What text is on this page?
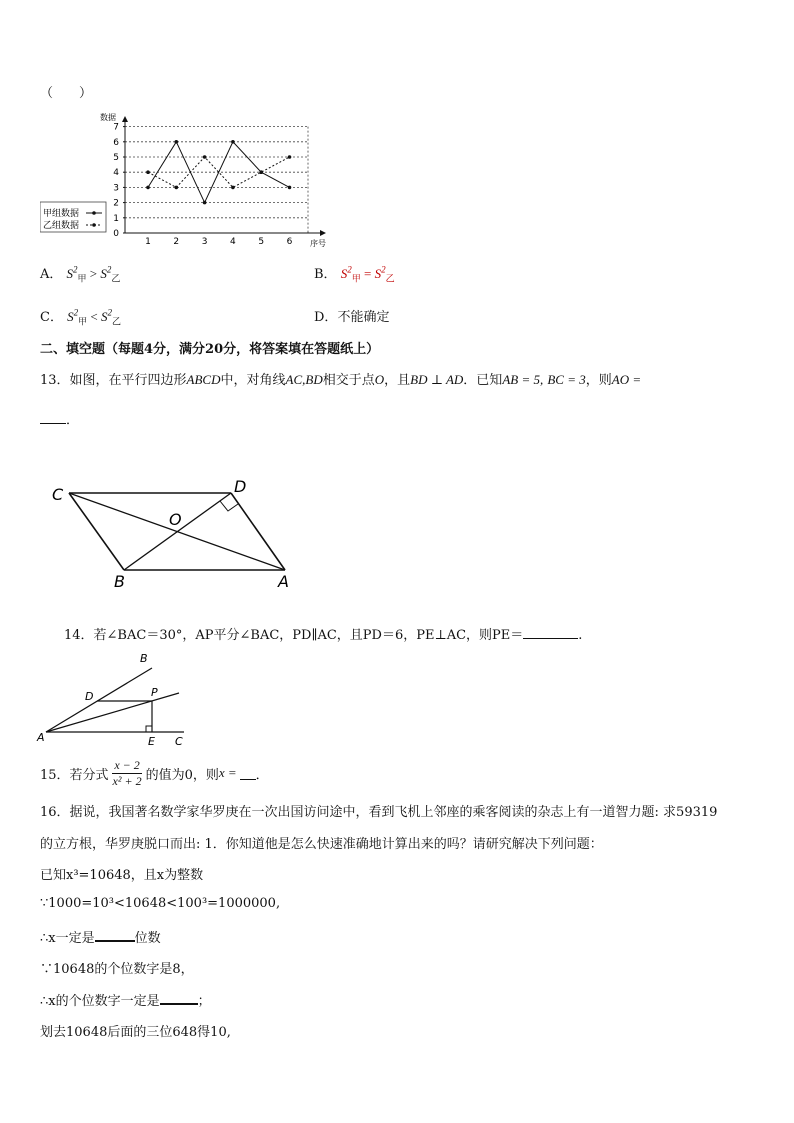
（　　）
0
1
2
3
4
5
6
7
1	2	3	4	5	6
数据
序号
甲组数据
乙组数据
A． $S^2_甲 > S^2_乙$	B． $S^2_甲 = S^2_乙$
C． $S^2_甲 < S^2_乙$	D．不能确定
二、填空题（每题4分，满分20分，将答案填在答题纸上）
13．如图，在平行四边形ABCD中，对角线AC,BD相交于点O，且BD ⊥ AD．已知AB = 5, BC = 3，则AO =
．
C	D
O
B	A
14．若∠BAC＝30°，AP平分∠BAC，PD∥AC，且PD＝6，PE⊥AC，则PE＝	.
B
D	P
A	E C
15．若分式
x − 2
x² + 2 的值为0，则 x = ．
16．据说，我国著名数学家华罗庚在一次出国访问途中，看到飞机上邻座的乘客阅读的杂志上有一道智力题: 求59319
的立方根，华罗庚脱口而出: 1．你知道他是怎么快速准确地计算出来的吗？请研究解决下列问题：
已知x³=10648，且x为整数
∵1000=10³<10648<100³=1000000,
∴x一定是	位数
∵10648的个位数字是8，
∴x的个位数字一定是	；
划去10648后面的三位648得10,
